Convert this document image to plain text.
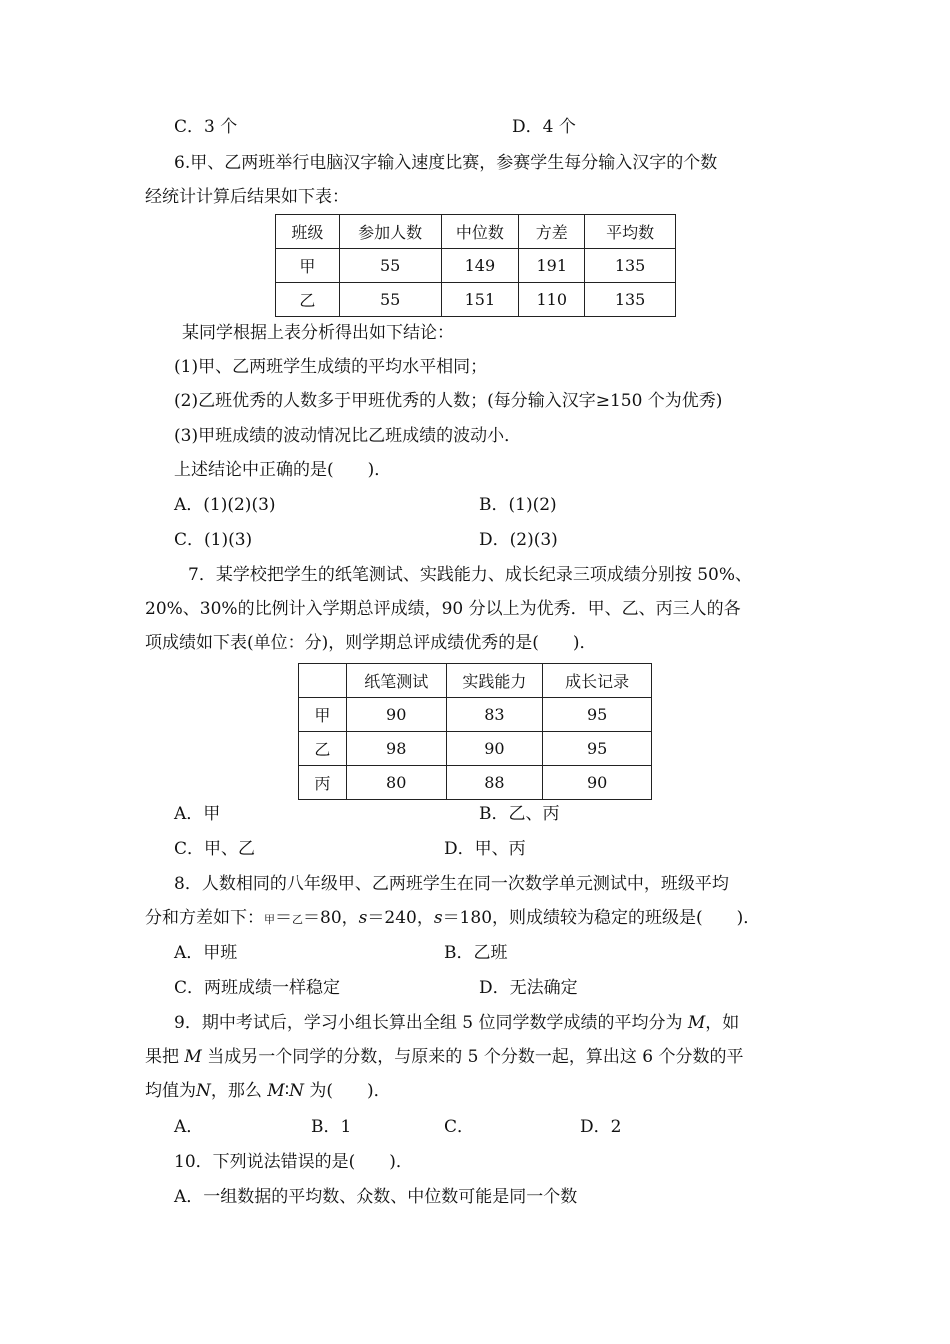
C．3 个	D．4 个
6.甲、乙两班举行电脑汉字输入速度比赛，参赛学生每分输入汉字的个数
经统计计算后结果如下表：
班级	参加人数	中位数	方差	平均数
甲	55	149	191	135
乙	55	151	110	135
某同学根据上表分析得出如下结论：
(1)甲、乙两班学生成绩的平均水平相同；
(2)乙班优秀的人数多于甲班优秀的人数；(每分输入汉字≥150 个为优秀)
(3)甲班成绩的波动情况比乙班成绩的波动小．
上述结论中正确的是(　　)．
A．(1)(2)(3)	B．(1)(2)
C．(1)(3)	D．(2)(3)
7．某学校把学生的纸笔测试、实践能力、成长纪录三项成绩分别按 50%、
20%、30%的比例计入学期总评成绩，90 分以上为优秀．甲、乙、丙三人的各
项成绩如下表(单位：分)，则学期总评成绩优秀的是(　　)．
	纸笔测试	实践能力	成长记录
甲	90	83	95
乙	98	90	95
丙	80	88	90
A．甲	B．乙、丙
C．甲、乙	D．甲、丙
8．人数相同的八年级甲、乙两班学生在同一次数学单元测试中，班级平均
分和方差如下：甲＝乙＝80，s＝240，s＝180，则成绩较为稳定的班级是(　　)．
A．甲班	B．乙班
C．两班成绩一样稳定	D．无法确定
9．期中考试后，学习小组长算出全组 5 位同学数学成绩的平均分为 M，如
果把 M 当成另一个同学的分数，与原来的 5 个分数一起，算出这 6 个分数的平
均值为N，那么 M∶N 为(　　)．
A．	B．1	C．	D．2
10．下列说法错误的是(　　)．
A．一组数据的平均数、众数、中位数可能是同一个数
